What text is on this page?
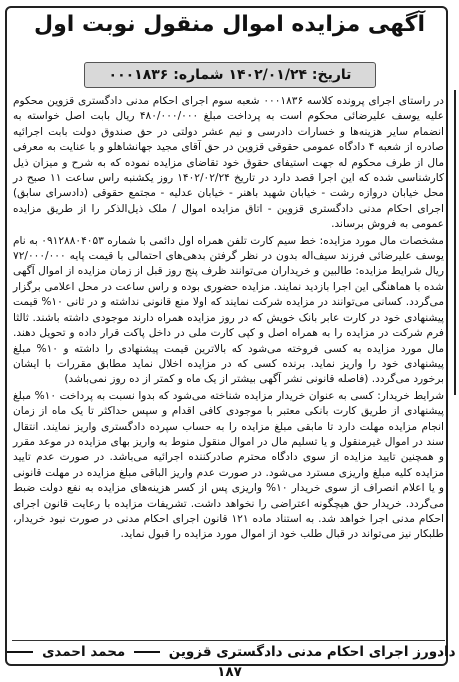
آگهی مزایده اموال منقول نوبت اول
تاریخ: ۱۴۰۲/۰۱/۲۴ شماره: ۰۰۰۱۸۳۶

در راستای اجرای پرونده کلاسه ۰۰۰۱۸۳۶ شعبه سوم اجرای احکام مدنی دادگستری قزوین محکوم علیه یوسف علیرضائی محکوم است به پرداخت مبلغ ۴۸۰/۰۰۰/۰۰۰ ریال بابت اصل خواسته به انضمام سایر هزینه‌ها و خسارات دادرسی و نیم عشر دولتی در حق صندوق دولت بابت اجرائیه صادره از شعبه ۴ دادگاه عمومی حقوقی قزوین در حق آقای مجید جهانشاهلو و با عنایت به معرفی مال از طرف محکوم له جهت استیفای حقوق خود تقاضای مزایده نموده که به شرح و میزان ذیل کارشناسی شده که این اجرا قصد دارد در تاریخ ۱۴۰۲/۰۲/۲۴ روز یکشنبه راس ساعت ۱۱ صبح در محل خیابان دروازه رشت - خیابان شهید باهنر - خیابان عدلیه - مجتمع حقوقی (دادسرای سابق) اجرای احکام مدنی دادگستری قزوین - اتاق مزایده اموال / ملک ذیل‌الذکر را از طریق مزایده عمومی به فروش برساند.

مشخصات مال مورد مزایده: خط سیم کارت تلفن همراه اول دائمی با شماره ۰۹۱۲۸۸۰۴۰۵۳ به نام یوسف علیرضائی فرزند سیف‌اله بدون در نظر گرفتن بدهی‌های احتمالی با قیمت پایه ۷۲/۰۰۰/۰۰۰ ریال شرایط مزایده: طالبین و خریداران می‌توانند ظرف پنج روز قبل از زمان مزایده از اموال آگهی شده با هماهنگی این اجرا بازدید نمایند. مزایده حضوری بوده و راس ساعت در محل اعلامی برگزار می‌گردد. کسانی می‌توانند در مزایده شرکت نمایند که اولا منع قانونی نداشته و در ثانی ۱۰% قیمت پیشنهادی خود در کارت عابر بانک خویش که در روز مزایده همراه دارند موجودی داشته باشند. ثالثا فرم شرکت در مزایده را به همراه اصل و کپی کارت ملی در داخل پاکت قرار داده و تحویل دهند. مال مورد مزایده به کسی فروخته می‌شود که بالاترین قیمت پیشنهادی را داشته و ۱۰% مبلغ پیشنهادی خود را واریز نماید. برنده کسی که در مزایده اخلال نماید مطابق مقررات با ایشان برخورد می‌گردد. (فاصله قانونی نشر آگهی بیشتر از یک ماه و کمتر از ده روز نمی‌باشد)

شرایط خریدار: کسی به عنوان خریدار مزایده شناخته می‌شود که بدوا نسبت به پرداخت ۱۰% مبلغ پیشنهادی از طریق کارت بانکی معتبر با موجودی کافی اقدام و سپس حداکثر تا یک ماه از زمان انجام مزایده مهلت دارد تا مابقی مبلغ مزایده را به حساب سپرده دادگستری واریز نمایند. انتقال سند در اموال غیرمنقول و یا تسلیم مال در اموال منقول منوط به واریز بهای مزایده در موعد مقرر و همچنین تایید مزایده از سوی دادگاه محترم صادرکننده اجرائیه می‌باشد. در صورت عدم تایید مزایده کلیه مبلغ واریزی مسترد می‌شود. در صورت عدم واریز الباقی مبلغ مزایده در مهلت قانونی و یا اعلام انصراف از سوی خریدار ۱۰% واریزی پس از کسر هزینه‌های مزایده به نفع دولت ضبط می‌گردد. خریدار حق هیچگونه اعتراضی را نخواهد داشت. تشریفات مزایده با رعایت قانون اجرای احکام مدنی اجرا خواهد شد. به استناد ماده ۱۲۱ قانون اجرای احکام مدنی در صورت نبود خریدار، طلبکار نیز می‌تواند در قبال طلب خود از اموال مورد مزایده را قبول نماید.

دادورز اجرای احکام مدنی دادگستری قزوین  محمد احمدی  ۱۸۷
